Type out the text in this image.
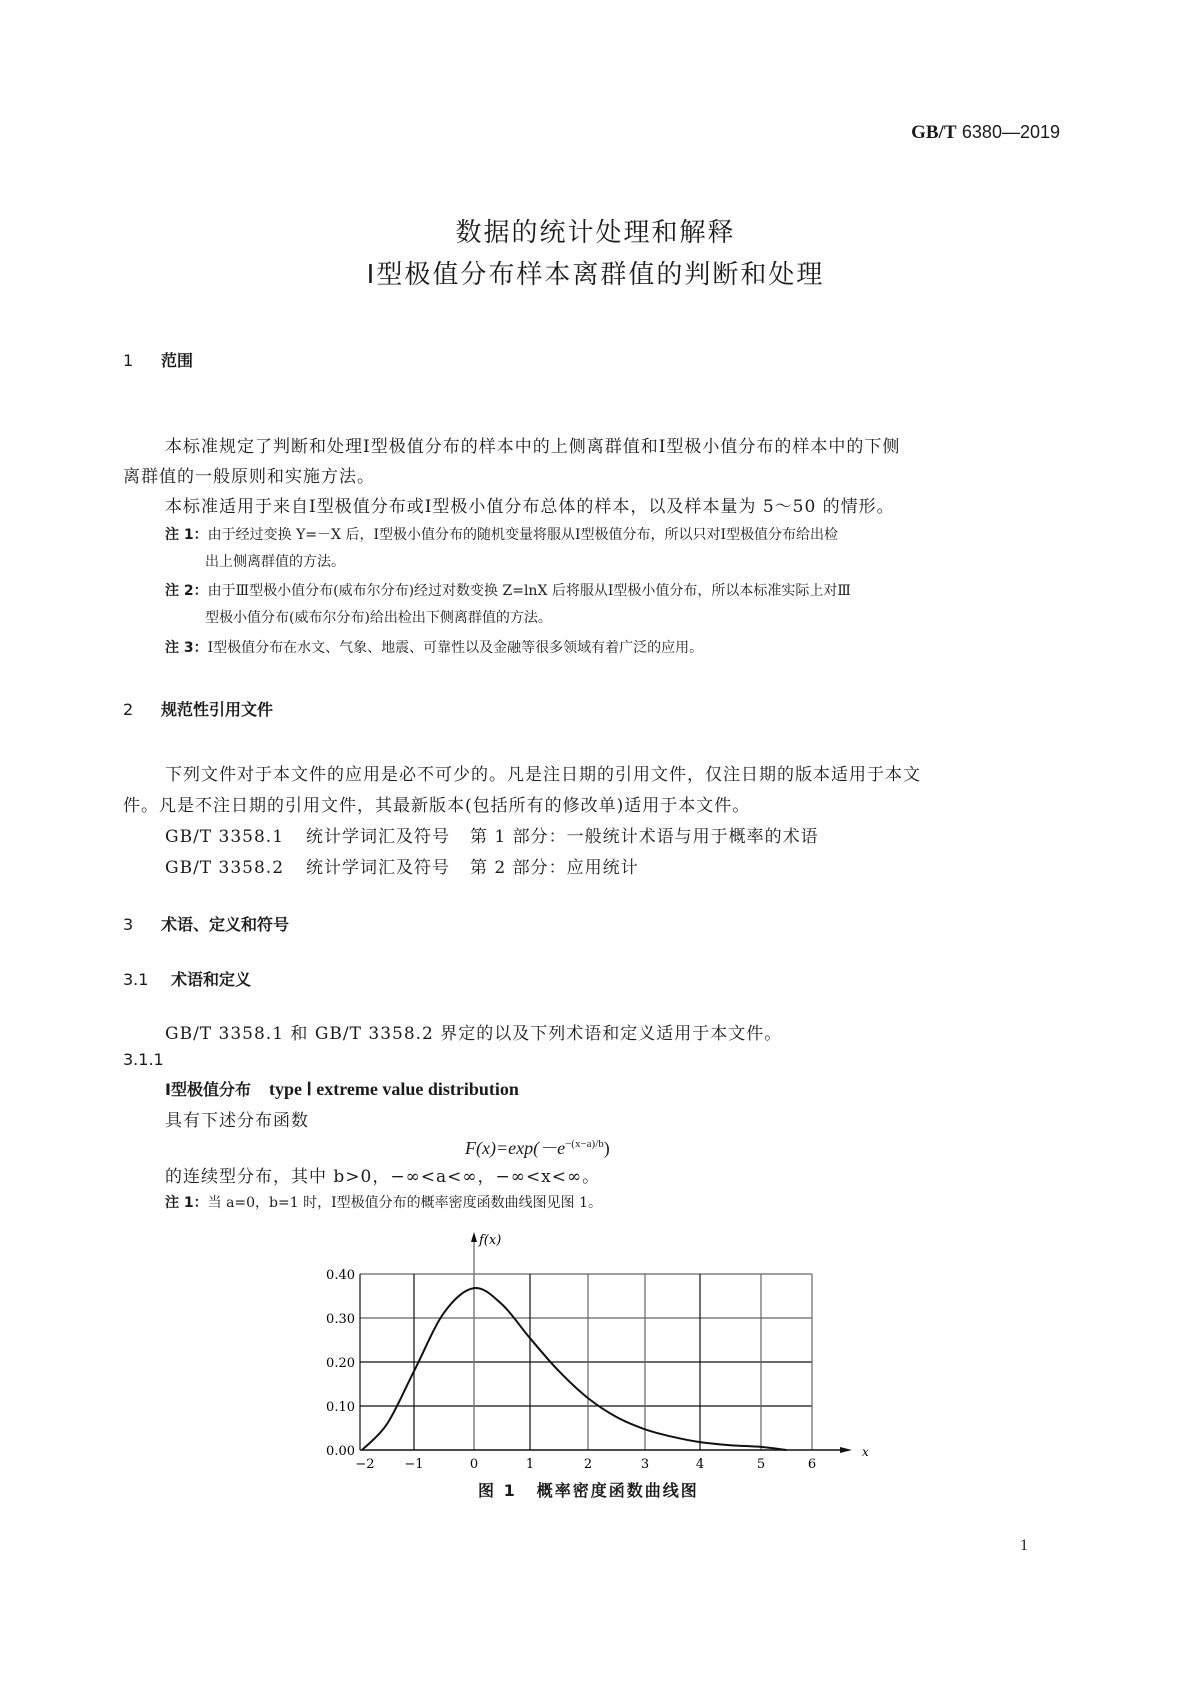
GB/T 6380—2019
数据的统计处理和解释
Ⅰ型极值分布样本离群值的判断和处理
1 范围
本标准规定了判断和处理Ⅰ型极值分布的样本中的上侧离群值和Ⅰ型极小值分布的样本中的下侧
离群值的一般原则和实施方法。
本标准适用于来自Ⅰ型极值分布或Ⅰ型极小值分布总体的样本，以及样本量为 5～50 的情形。
注 1：由于经过变换 Y=－X 后，Ⅰ型极小值分布的随机变量将服从Ⅰ型极值分布，所以只对Ⅰ型极值分布给出检
出上侧离群值的方法。
注 2：由于Ⅲ型极小值分布(威布尔分布)经过对数变换 Z=lnX 后将服从Ⅰ型极小值分布，所以本标准实际上对Ⅲ
型极小值分布(威布尔分布)给出检出下侧离群值的方法。
注 3：Ⅰ型极值分布在水文、气象、地震、可靠性以及金融等很多领域有着广泛的应用。
2 规范性引用文件
下列文件对于本文件的应用是必不可少的。凡是注日期的引用文件，仅注日期的版本适用于本文
件。凡是不注日期的引用文件，其最新版本(包括所有的修改单)适用于本文件。
GB/T 3358.1 统计学词汇及符号 第 1 部分：一般统计术语与用于概率的术语
GB/T 3358.2 统计学词汇及符号 第 2 部分：应用统计
3 术语、定义和符号
3.1 术语和定义
GB/T 3358.1 和 GB/T 3358.2 界定的以及下列术语和定义适用于本文件。
3.1.1
Ⅰ型极值分布 type Ⅰ extreme value distribution
具有下述分布函数
$F(x)=\exp(-e^{-(x-a)/b})$
的连续型分布，其中 b>0，−∞<a<∞，−∞<x<∞。
注 1：当 a=0，b=1 时，Ⅰ型极值分布的概率密度函数曲线图见图 1。
f(x)
x
0.40
0.30
0.20
0.10
0.00
−2 −1	0	1	2	3	4	5	6
图 1 概率密度函数曲线图
1
